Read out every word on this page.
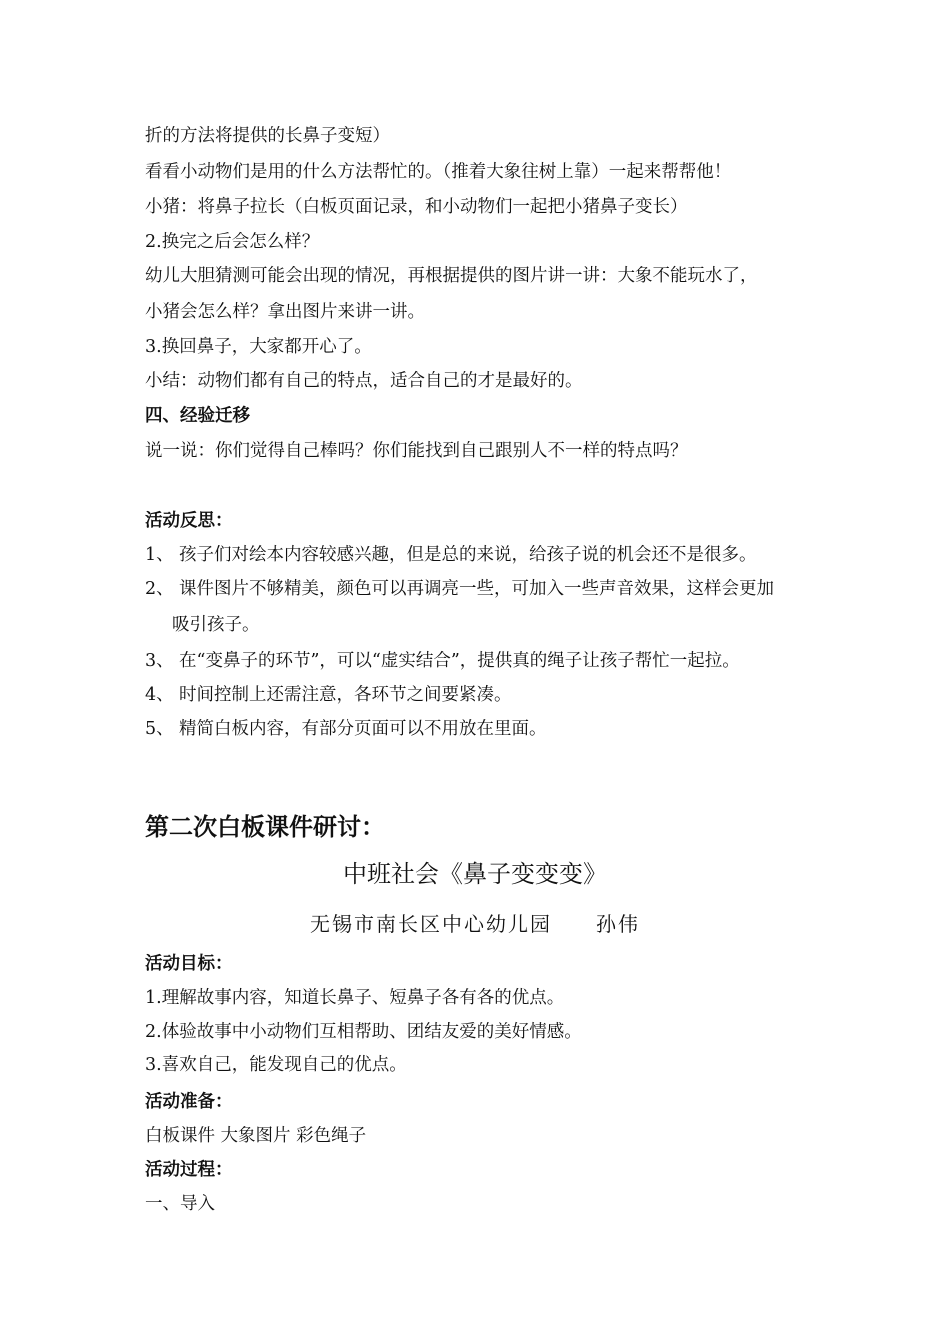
折的方法将提供的长鼻子变短）
看看小动物们是用的什么方法帮忙的。（推着大象往树上靠）一起来帮帮他！
小猪：将鼻子拉长（白板页面记录，和小动物们一起把小猪鼻子变长）
2.换完之后会怎么样？
幼儿大胆猜测可能会出现的情况，再根据提供的图片讲一讲：大象不能玩水了，
小猪会怎么样？拿出图片来讲一讲。
3.换回鼻子，大家都开心了。
小结：动物们都有自己的特点，适合自己的才是最好的。
四、经验迁移
说一说：你们觉得自己棒吗？你们能找到自己跟别人不一样的特点吗？
活动反思：
1、 孩子们对绘本内容较感兴趣，但是总的来说，给孩子说的机会还不是很多。
2、 课件图片不够精美，颜色可以再调亮一些，可加入一些声音效果，这样会更加
吸引孩子。
3、 在“变鼻子的环节”，可以“虚实结合”，提供真的绳子让孩子帮忙一起拉。
4、 时间控制上还需注意，各环节之间要紧凑。
5、 精简白板内容，有部分页面可以不用放在里面。
第二次白板课件研讨：
中班社会《鼻子变变变》
无锡市南长区中心幼儿园　　孙伟
活动目标：
1.理解故事内容，知道长鼻子、短鼻子各有各的优点。
2.体验故事中小动物们互相帮助、团结友爱的美好情感。
3.喜欢自己，能发现自己的优点。
活动准备：
白板课件 大象图片 彩色绳子
活动过程：
一、导入
